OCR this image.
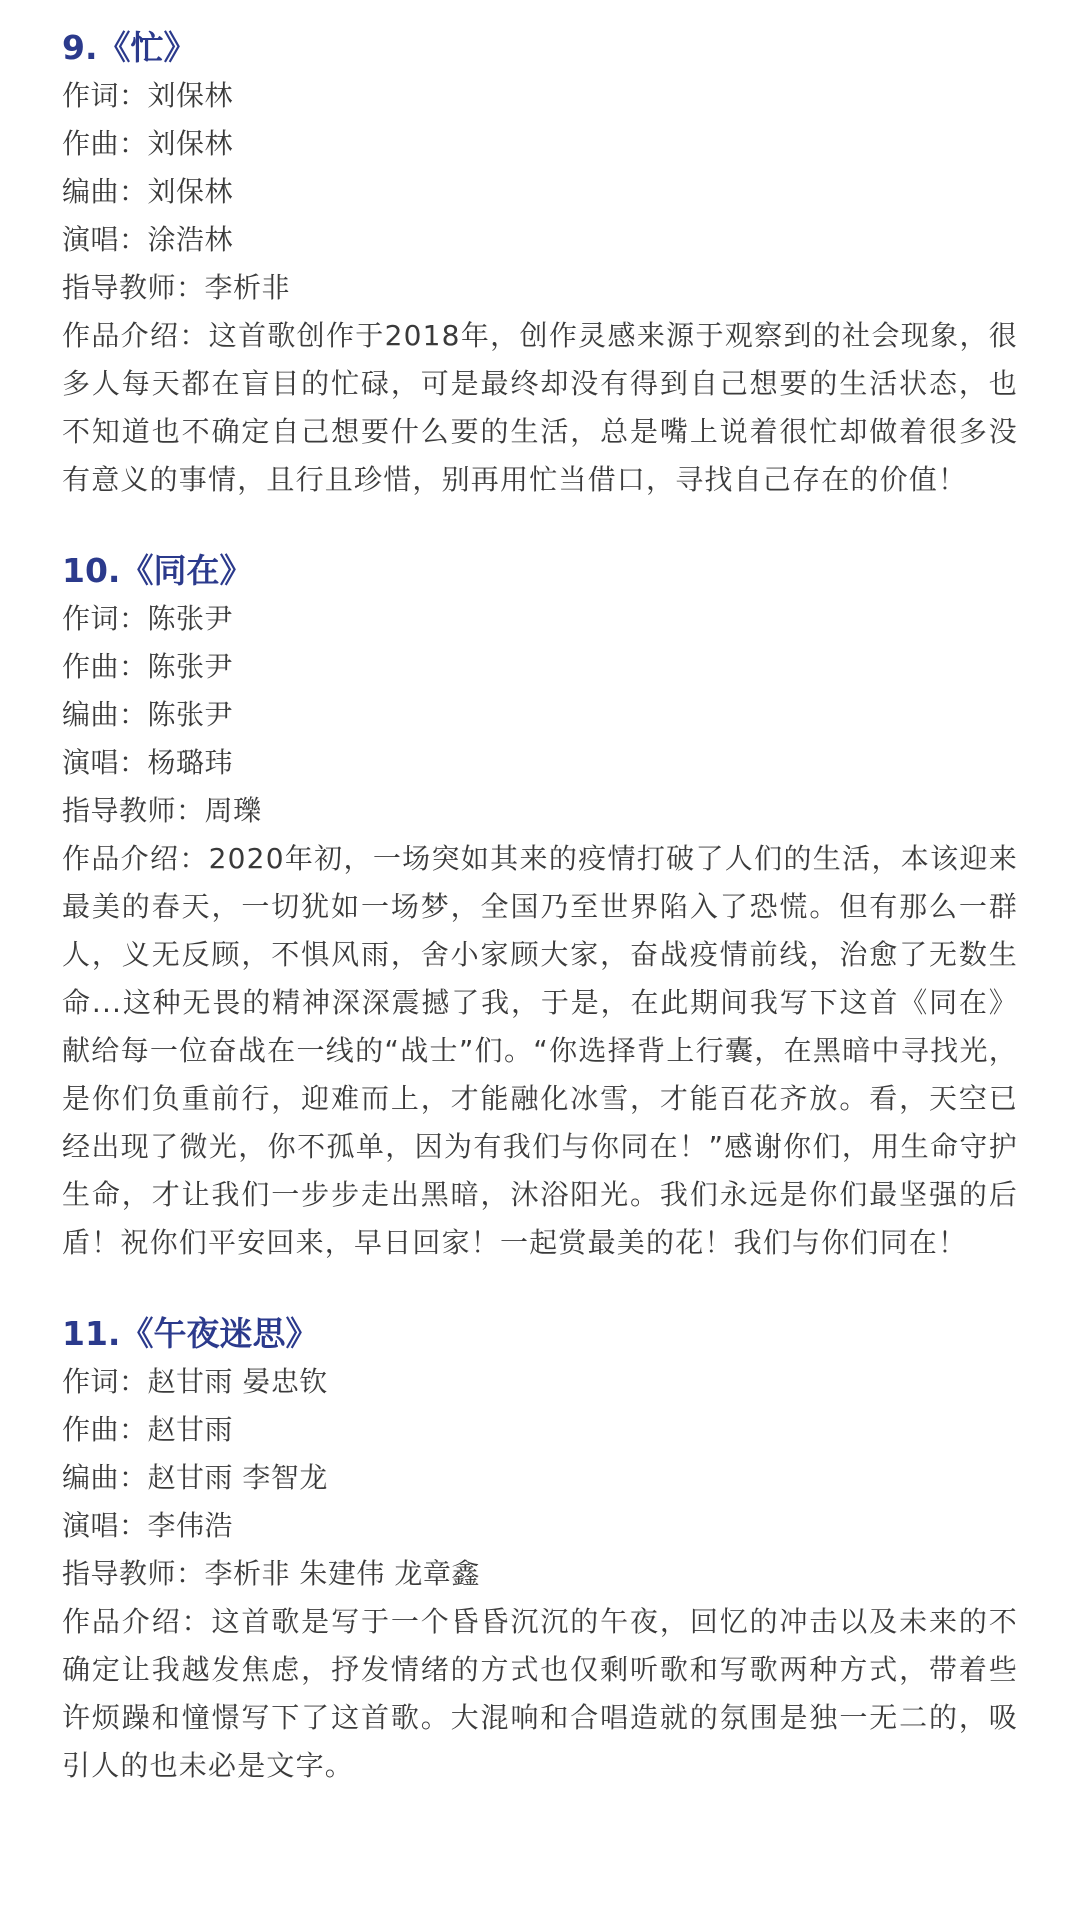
9.《忙》

作词：刘保林

作曲：刘保林

编曲：刘保林

演唱：涂浩林

指导教师：李析非

作品介绍：这首歌创作于2018年，创作灵感来源于观察到的社会现象，很多人每天都在盲目的忙碌，可是最终却没有得到自己想要的生活状态，也不知道也不确定自己想要什么要的生活，总是嘴上说着很忙却做着很多没有意义的事情，且行且珍惜，别再用忙当借口，寻找自己存在的价值！

10.《同在》

作词：陈张尹

作曲：陈张尹

编曲：陈张尹

演唱：杨璐玮

指导教师：周瓅

作品介绍：2020年初，一场突如其来的疫情打破了人们的生活，本该迎来最美的春天，一切犹如一场梦，全国乃至世界陷入了恐慌。但有那么一群人，义无反顾，不惧风雨，舍小家顾大家，奋战疫情前线，治愈了无数生命...这种无畏的精神深深震撼了我，于是，在此期间我写下这首《同在》献给每一位奋战在一线的“战士”们。“你选择背上行囊，在黑暗中寻找光，是你们负重前行，迎难而上，才能融化冰雪，才能百花齐放。看，天空已经出现了微光，你不孤单，因为有我们与你同在！”感谢你们，用生命守护生命，才让我们一步步走出黑暗，沐浴阳光。我们永远是你们最坚强的后盾！祝你们平安回来，早日回家！一起赏最美的花！我们与你们同在！

11.《午夜迷思》

作词：赵甘雨 晏忠钦

作曲：赵甘雨

编曲：赵甘雨 李智龙

演唱：李伟浩

指导教师：李析非 朱建伟 龙章鑫

作品介绍：这首歌是写于一个昏昏沉沉的午夜，回忆的冲击以及未来的不确定让我越发焦虑，抒发情绪的方式也仅剩听歌和写歌两种方式，带着些许烦躁和憧憬写下了这首歌。大混响和合唱造就的氛围是独一无二的，吸引人的也未必是文字。
